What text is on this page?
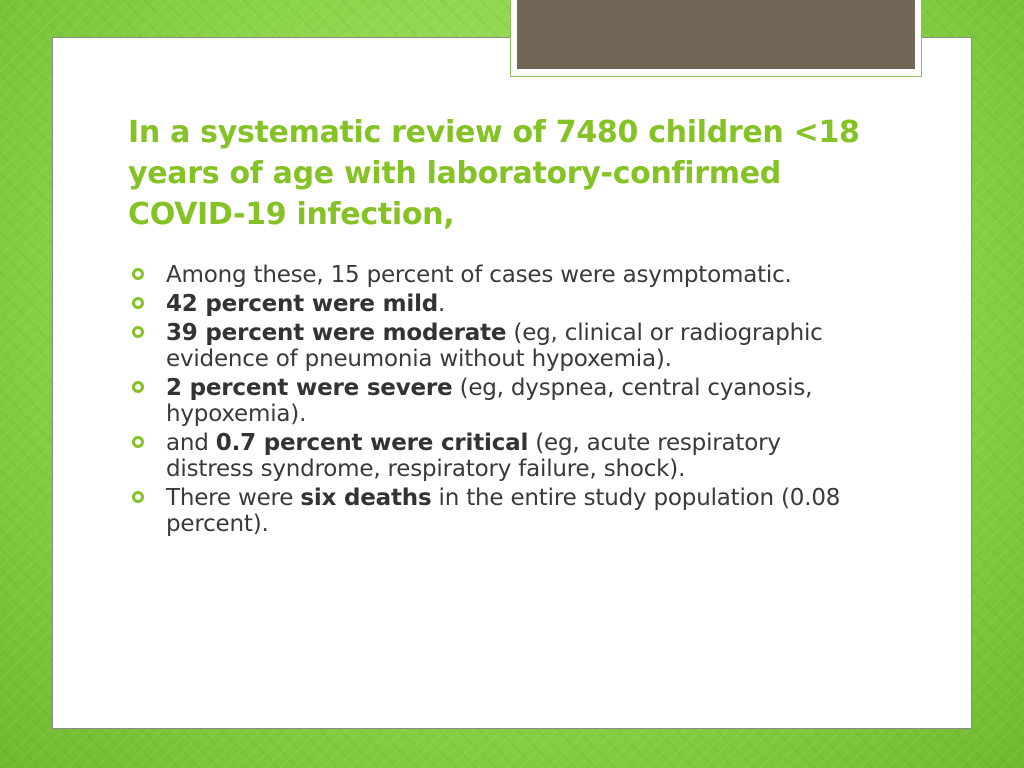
In a systematic review of 7480 children <18 years of age with laboratory-confirmed COVID-19 infection,
Among these, 15 percent of cases were asymptomatic.
42 percent were mild.
39 percent were moderate (eg, clinical or radiographic evidence of pneumonia without hypoxemia).
2 percent were severe (eg, dyspnea, central cyanosis, hypoxemia).
and 0.7 percent were critical (eg, acute respiratory distress syndrome, respiratory failure, shock).
There were six deaths in the entire study population (0.08 percent).
